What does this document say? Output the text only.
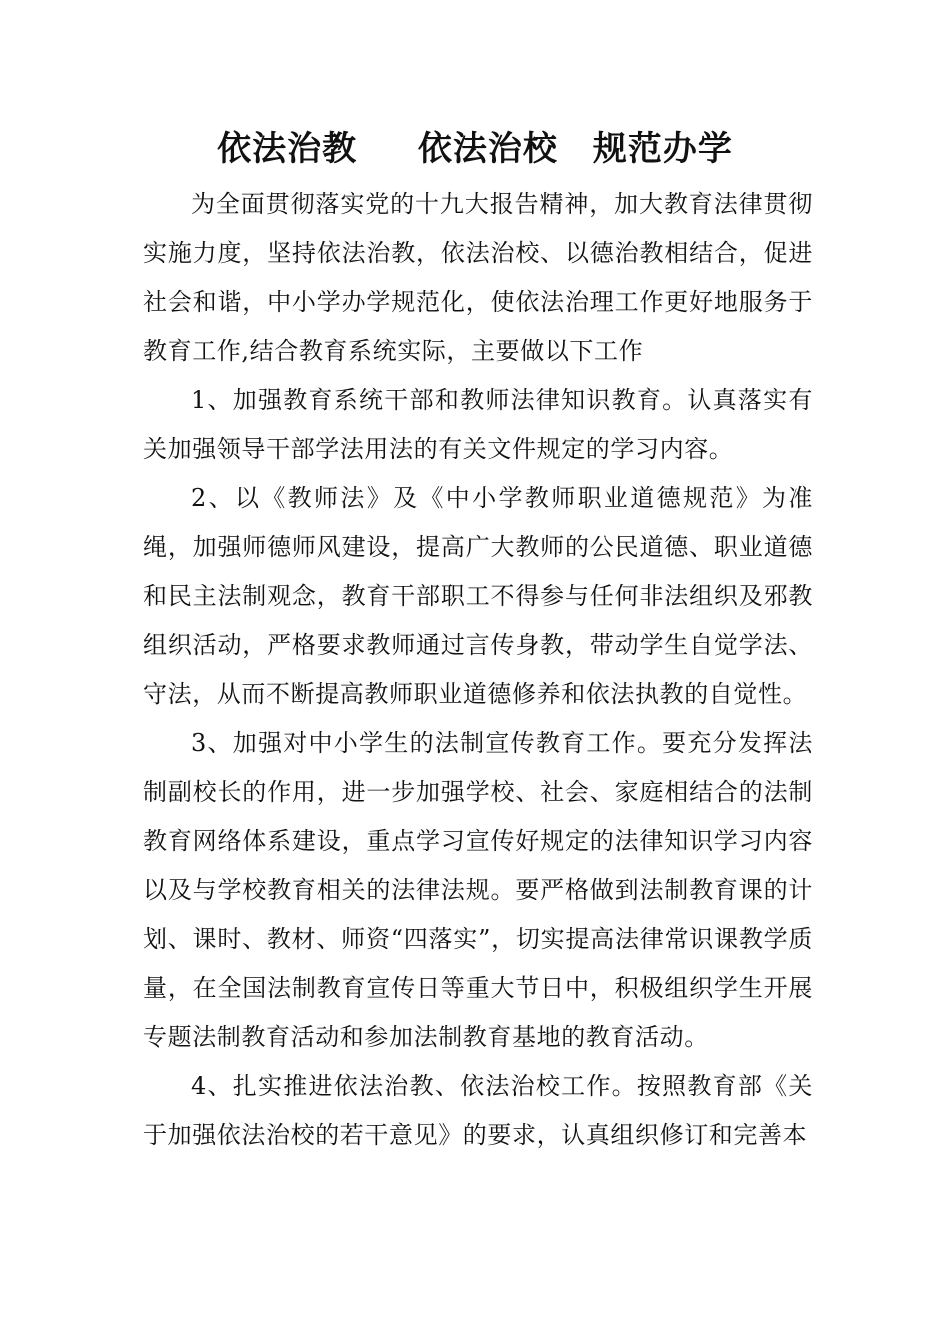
依法治教　  依法治校　规范办学

为全面贯彻落实党的十九大报告精神，加大教育法律贯彻实施力度，坚持依法治教，依法治校、以德治教相结合，促进社会和谐，中小学办学规范化，使依法治理工作更好地服务于教育工作,结合教育系统实际，主要做以下工作

1、加强教育系统干部和教师法律知识教育。认真落实有关加强领导干部学法用法的有关文件规定的学习内容。

2、以《教师法》及《中小学教师职业道德规范》为准绳，加强师德师风建设，提高广大教师的公民道德、职业道德和民主法制观念，教育干部职工不得参与任何非法组织及邪教组织活动，严格要求教师通过言传身教，带动学生自觉学法、守法，从而不断提高教师职业道德修养和依法执教的自觉性。

3、加强对中小学生的法制宣传教育工作。要充分发挥法制副校长的作用，进一步加强学校、社会、家庭相结合的法制教育网络体系建设，重点学习宣传好规定的法律知识学习内容以及与学校教育相关的法律法规。要严格做到法制教育课的计划、课时、教材、师资“四落实”，切实提高法律常识课教学质量，在全国法制教育宣传日等重大节日中，积极组织学生开展专题法制教育活动和参加法制教育基地的教育活动。

4、扎实推进依法治教、依法治校工作。按照教育部《关于加强依法治校的若干意见》的要求，认真组织修订和完善本
